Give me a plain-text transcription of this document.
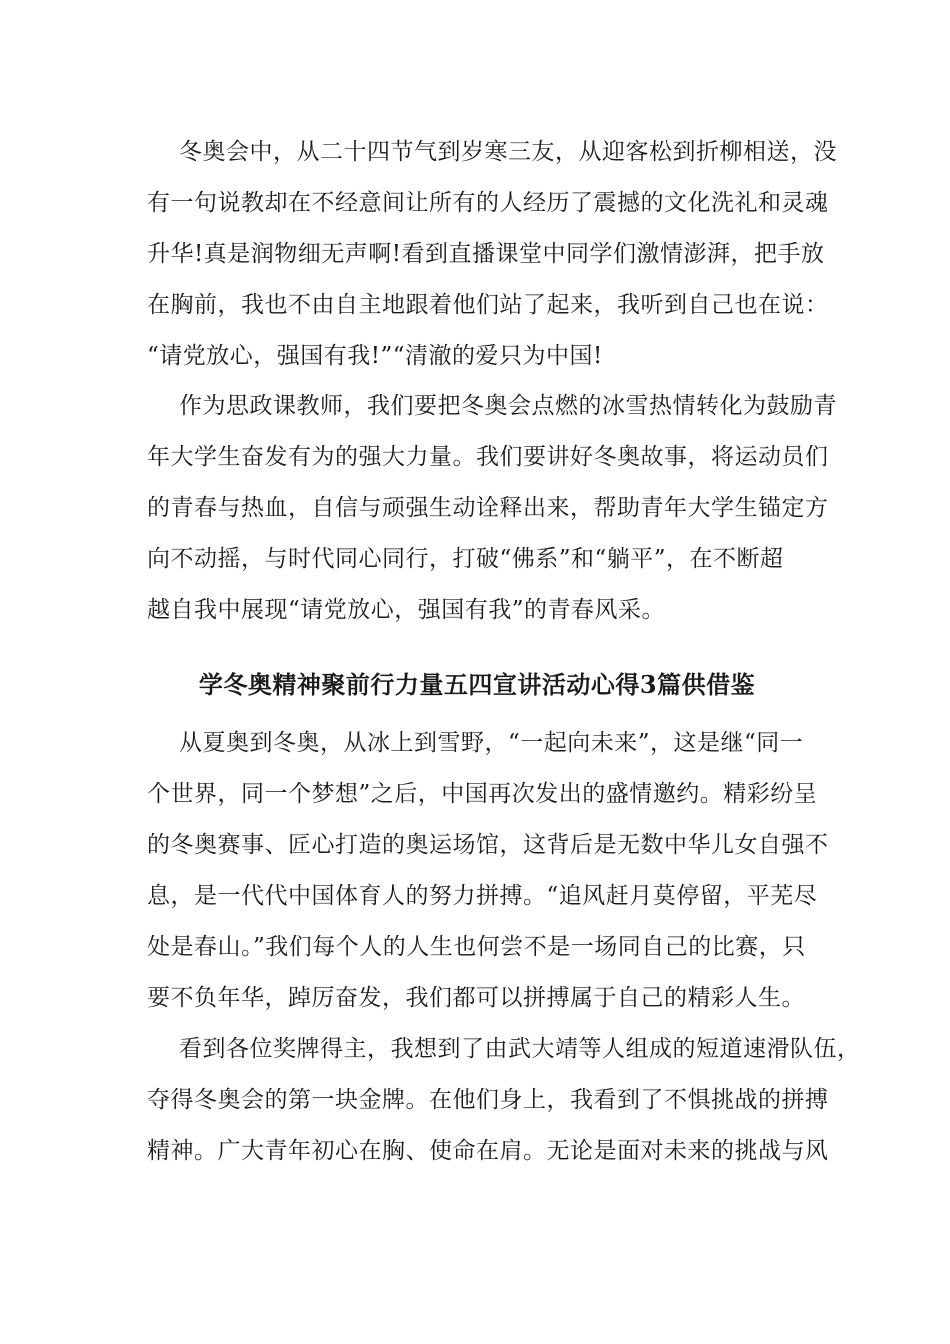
冬奥会中，从二十四节气到岁寒三友，从迎客松到折柳相送，没
有一句说教却在不经意间让所有的人经历了震撼的文化洗礼和灵魂
升华!真是润物细无声啊!看到直播课堂中同学们激情澎湃，把手放
在胸前，我也不由自主地跟着他们站了起来，我听到自己也在说：
“请党放心，强国有我!”“清澈的爱只为中国!

作为思政课教师，我们要把冬奥会点燃的冰雪热情转化为鼓励青
年大学生奋发有为的强大力量。我们要讲好冬奥故事，将运动员们
的青春与热血，自信与顽强生动诠释出来，帮助青年大学生锚定方
向不动摇，与时代同心同行，打破“佛系”和“躺平”，在不断超
越自我中展现“请党放心，强国有我”的青春风采。

学冬奥精神聚前行力量五四宣讲活动心得3篇供借鉴

从夏奥到冬奥，从冰上到雪野，“一起向未来”，这是继“同一
个世界，同一个梦想”之后，中国再次发出的盛情邀约。精彩纷呈
的冬奥赛事、匠心打造的奥运场馆，这背后是无数中华儿女自强不
息，是一代代中国体育人的努力拼搏。“追风赶月莫停留，平芜尽
处是春山。”我们每个人的人生也何尝不是一场同自己的比赛，只
要不负年华，踔厉奋发，我们都可以拼搏属于自己的精彩人生。

看到各位奖牌得主，我想到了由武大靖等人组成的短道速滑队伍，
夺得冬奥会的第一块金牌。在他们身上，我看到了不惧挑战的拼搏
精神。广大青年初心在胸、使命在肩。无论是面对未来的挑战与风
